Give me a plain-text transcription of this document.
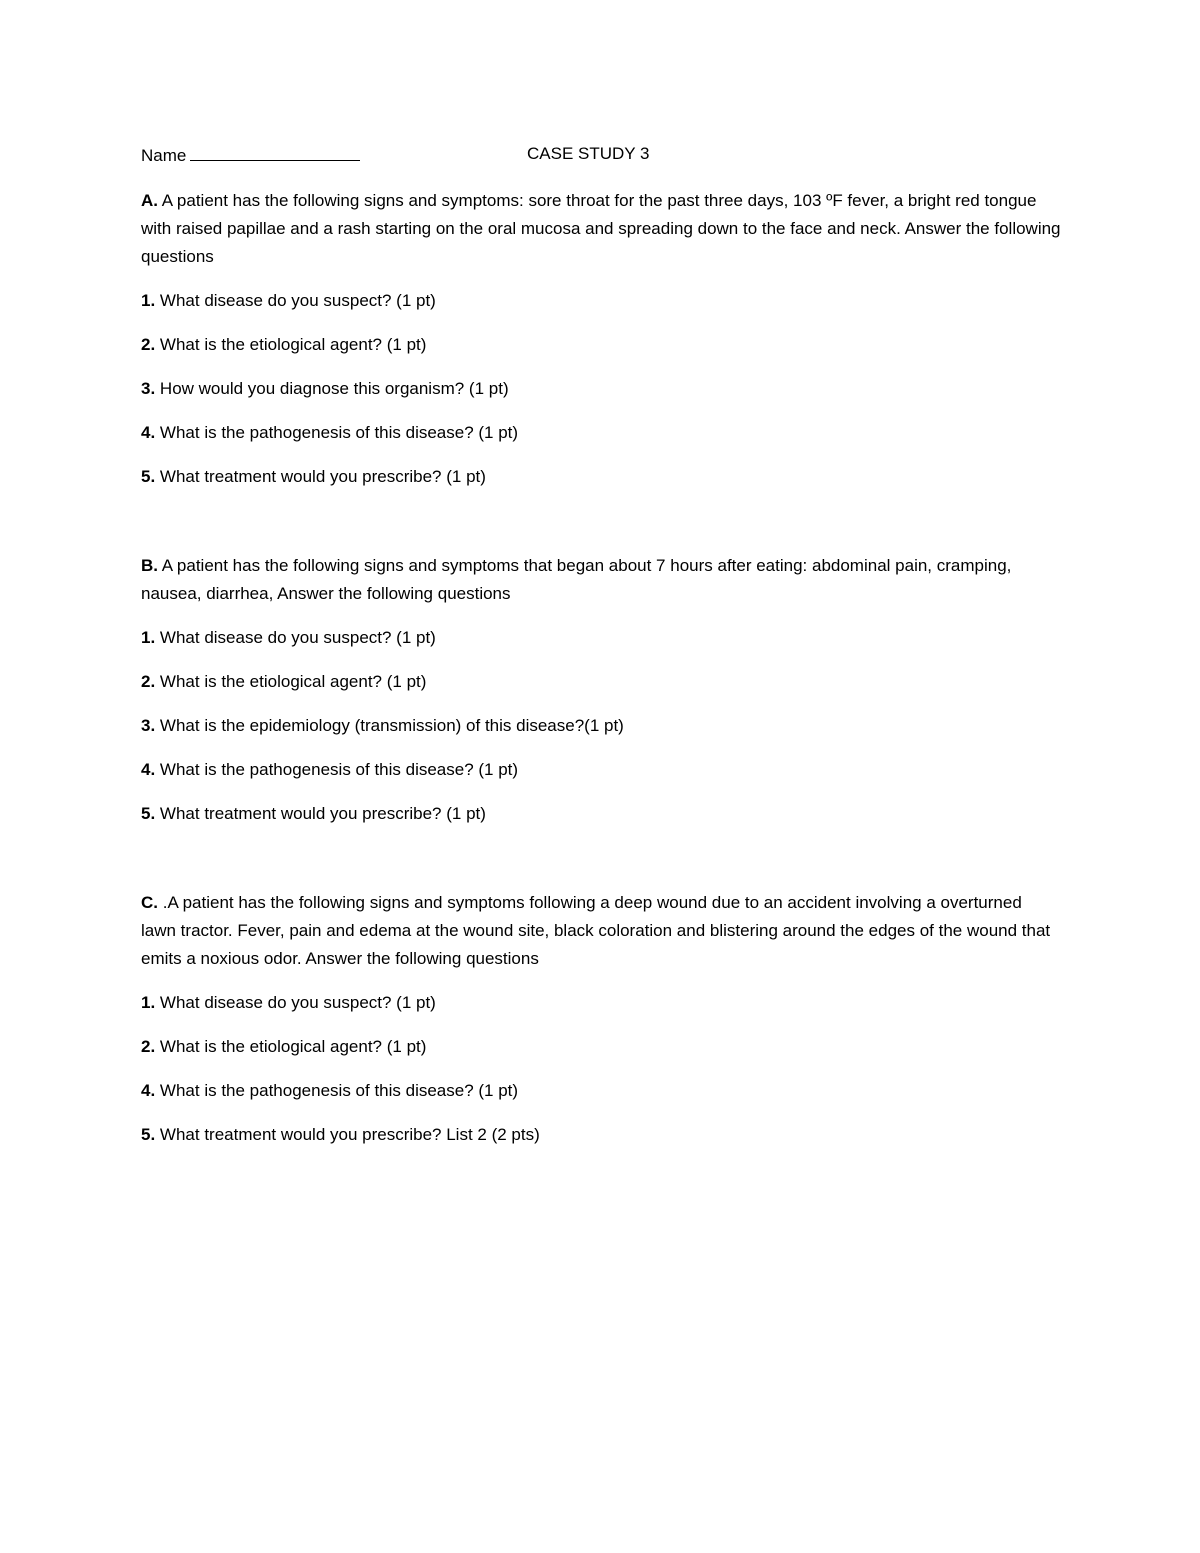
Name	CASE STUDY 3

A. A patient has the following signs and symptoms: sore throat for the past three days, 103 ºF fever, a bright red tongue with raised papillae and a rash starting on the oral mucosa and spreading down to the face and neck. Answer the following questions

1. What disease do you suspect? (1 pt)

2. What is the etiological agent? (1 pt)

3. How would you diagnose this organism? (1 pt)

4. What is the pathogenesis of this disease? (1 pt)

5. What treatment would you prescribe? (1 pt)

B. A patient has the following signs and symptoms that began about 7 hours after eating: abdominal pain, cramping, nausea, diarrhea, Answer the following questions

1. What disease do you suspect? (1 pt)

2. What is the etiological agent? (1 pt)

3. What is the epidemiology (transmission) of this disease?(1 pt)

4. What is the pathogenesis of this disease? (1 pt)

5. What treatment would you prescribe? (1 pt)

C. .A patient has the following signs and symptoms following a deep wound due to an accident involving a overturned lawn tractor. Fever, pain and edema at the wound site, black coloration and blistering around the edges of the wound that emits a noxious odor. Answer the following questions

1. What disease do you suspect? (1 pt)

2. What is the etiological agent? (1 pt)

4. What is the pathogenesis of this disease? (1 pt)

5. What treatment would you prescribe? List 2 (2 pts)
